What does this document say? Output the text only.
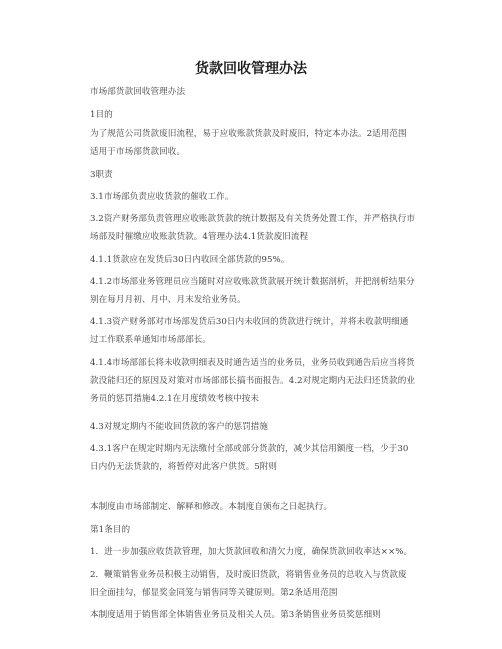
货款回收管理办法

市场部货款回收管理办法

1目的

为了规范公司货款废旧流程，易于应收账款货款及时废旧，特定本办法。2适用范围适用于市场部货款回收。

3职责

3.1市场部负责应收货款的催收工作。

3.2资产财务部负责管理应收账款货款的统计数据及有关货务处置工作，并严格执行市场部及时催缴应收账款货款。4管理办法4.1货款废旧流程

4.1.1货款应在发货后30日内收回全部货款的95%。

4.1.2市场部业务管理员应当随时对应收账款货款展开统计数据剖析，并把剖析结果分别在每月月初、月中、月末发给业务员。

4.1.3资产财务部对市场部发货后30日内未收回的货款进行统计，并将未收款明细通过工作联系单通知市场部部长。

4.1.4市场部部长将未收款明细表及时通告适当的业务员，业务员收到通告后应当将货款没能归还的原因及对策对市场部部长搞书面报告。4.2对规定期内无法归还货款的业务员的惩罚措施4.2.1在月度绩效考核中按未

4.3对规定期内不能收回货款的客户的惩罚措施

4.3.1客户在规定时期内无法缴付全部或部分货款的，减少其信用额度一档，少于30日内仍无法货款的，将暂停对此客户供货。5附则

本制度由市场部制定、解释和修改。本制度自颁布之日起执行。

第1条目的

1．进一步加强应收货款管理，加大货款回收和清欠力度，确保货款回收率达××%。

2．鞭策销售业务员积极主动销售，及时废旧货款，将销售业务员的总收入与货款废旧全面挂勾，郁显奖金同笼与销售同等关键原则。第2条适用范围

本制度适用于销售部全体销售业务员及相关人员。第3条销售业务员奖惩细则
